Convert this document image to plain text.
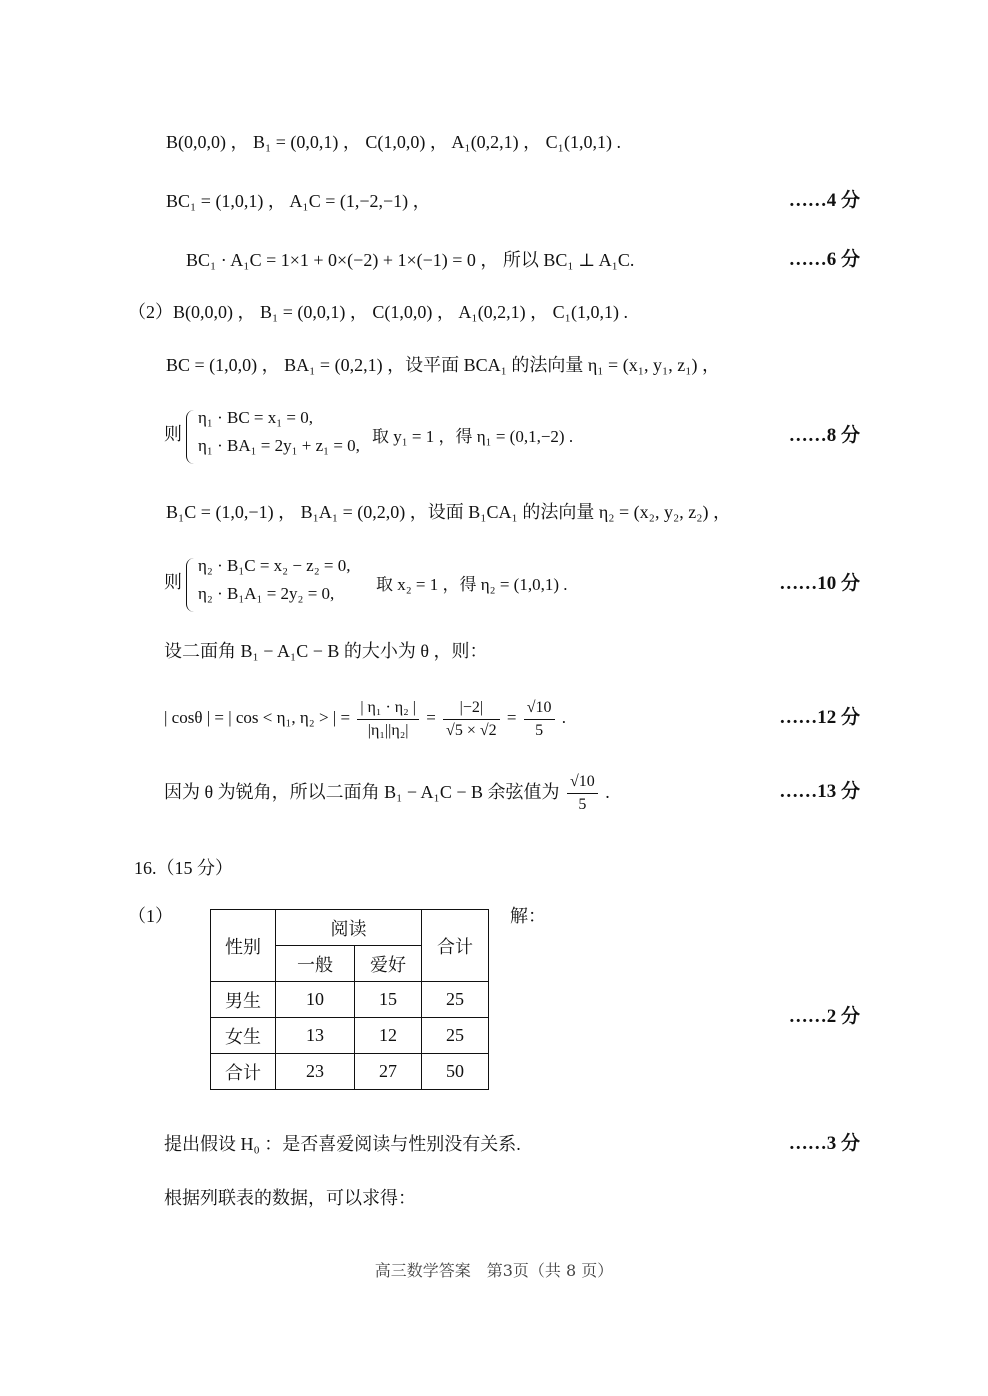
B(0,0,0) ， B₁ = (0,0,1) ， C(1,0,0) ， A₁(0,2,1) ， C₁(1,0,1) .
BC₁ = (1,0,1) ， A₁C = (1,−2,−1) ，	……4 分
BC₁ · A₁C = 1×1 + 0×(−2) + 1×(−1) = 0 ， 所以 BC₁ ⊥ A₁C.	……6 分
（2）B(0,0,0) ， B₁ = (0,0,1) ， C(1,0,0) ， A₁(0,2,1) ， C₁(1,0,1) .
BC = (1,0,0) ， BA₁ = (0,2,1) ，设平面 BCA₁ 的法向量 η₁ = (x₁, y₁, z₁) ，
则
η₁ · BC = x₁ = 0,
η₁ · BA₁ = 2y₁ + z₁ = 0, 取 y₁ = 1 ，得 η₁ = (0,1,−2) .	……8 分
B₁C = (1,0,−1) ， B₁A₁ = (0,2,0) ，设面 B₁CA₁ 的法向量 η₂ = (x₂, y₂, z₂) ，
则
η₂ · B₁C = x₂ − z₂ = 0,
η₂ · B₁A₁ = 2y₂ = 0, 取 x₂ = 1 ，得 η₂ = (1,0,1) .	……10 分
设二面角 B₁ − A₁C − B 的大小为 θ ，则：
| cosθ | = | cos < η₁, η₂ > | = $\frac{\text{| η₁ · η₂ |}}{\text{|η₁||η₂|}} = \frac{|-2|}{√5 \times √2} = \frac{√10}{5}$ .	……12 分
因为 θ 为锐角，所以二面角 B₁ − A₁C − B 余弦值为 $\frac{√10}{5}$ .	……13 分
16.（15 分）
（1）	解：
性别	阅读		合计
	一般	爱好	
男生	10	15	25
女生	13	12	25
合计	23	27	50
……2 分
提出假设 H₀ ：是否喜爱阅读与性别没有关系.	……3 分
根据列联表的数据，可以求得：
高三数学答案　第3页（共 8 页）
